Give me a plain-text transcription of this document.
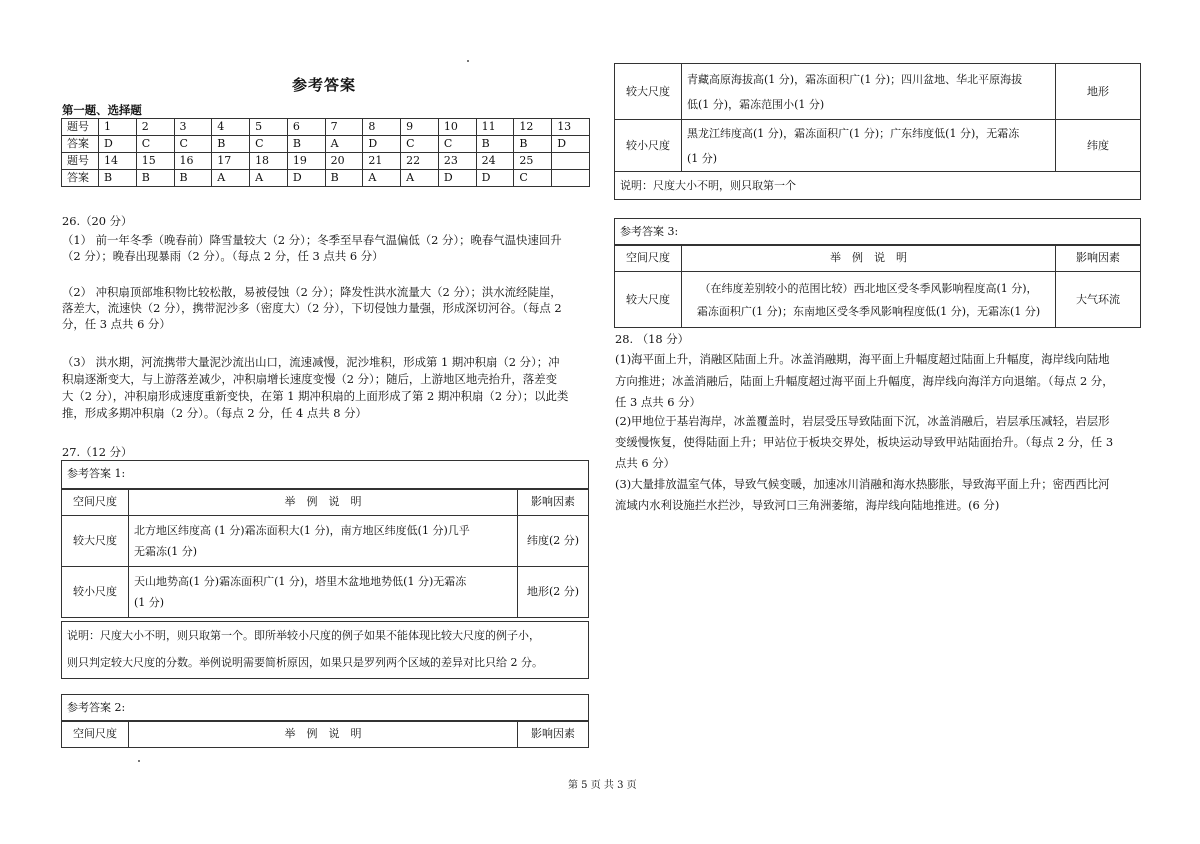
参考答案
第一题、选择题
题号	1	2	3	4	5	6	7	8	9	10	11	12	13
答案	D	C	C	B	C	B	A	D	C	C	B	B	D
题号	14	15	16	17	18	19	20	21	22	23	24	25	
答案	B	B	B	A	A	D	B	A	A	D	D	C	
26.（20 分）
（1） 前一年冬季（晚春前）降雪量较大（2 分）；冬季至早春气温偏低（2 分）；晚春气温快速回升
（2 分）；晚春出现暴雨（2 分）。（每点 2 分，任 3 点共 6 分）
（2） 冲积扇顶部堆积物比较松散，易被侵蚀（2 分）；降发性洪水流量大（2 分）；洪水流经陡崖，
落差大，流速快（2 分），携带泥沙多（密度大）（2 分），下切侵蚀力量强，形成深切河谷。（每点 2
分，任 3 点共 6 分）
（3） 洪水期，河流携带大量泥沙流出山口，流速减慢，泥沙堆积，形成第 1 期冲积扇（2 分）；冲
积扇逐渐变大，与上游落差减少，冲积扇增长速度变慢（2 分）；随后，上游地区地壳抬升，落差变
大（2 分），冲积扇形成速度重新变快，在第 1 期冲积扇的上面形成了第 2 期冲积扇（2 分）；以此类
推，形成多期冲积扇（2 分）。（每点 2 分，任 4 点共 8 分）
27.（12 分）
参考答案 1:
空间尺度	举　例　说　明	影响因素
较大尺度	北方地区纬度高 (1 分)霜冻面积大(1 分)，南方地区纬度低(1 分)几乎
无霜冻(1 分)	纬度(2 分)
较小尺度	天山地势高(1 分)霜冻面积广(1 分)，塔里木盆地地势低(1 分)无霜冻
(1 分)	地形(2 分)
说明：尺度大小不明，则只取第一个。即所举较小尺度的例子如果不能体现比较大尺度的例子小，
则只判定较大尺度的分数。举例说明需要简析原因，如果只是罗列两个区域的差异对比只给 2 分。
参考答案 2:
空间尺度	举　例　说　明	影响因素
较大尺度	青藏高原海拔高(1 分)，霜冻面积广(1 分)；四川盆地、华北平原海拔
低(1 分)，霜冻范围小(1 分)	地形
较小尺度	黑龙江纬度高(1 分)，霜冻面积广(1 分)；广东纬度低(1 分)，无霜冻
(1 分)	纬度
说明：尺度大小不明，则只取第一个		
参考答案 3:
空间尺度	举　例　说　明	影响因素
较大尺度	（在纬度差别较小的范围比较）西北地区受冬季风影响程度高(1 分)，
霜冻面积广(1 分)；东南地区受冬季风影响程度低(1 分)，无霜冻(1 分)	大气环流
28. （18 分）
(1)海平面上升，消融区陆面上升。冰盖消融期，海平面上升幅度超过陆面上升幅度，海岸线向陆地
方向推进；冰盖消融后，陆面上升幅度超过海平面上升幅度，海岸线向海洋方向退缩。（每点 2 分，
任 3 点共 6 分）
(2)甲地位于基岩海岸，冰盖覆盖时，岩层受压导致陆面下沉，冰盖消融后，岩层承压减轻，岩层形
变缓慢恢复，使得陆面上升；甲站位于板块交界处，板块运动导致甲站陆面抬升。（每点 2 分，任 3
点共 6 分）
(3)大量排放温室气体，导致气候变暖，加速冰川消融和海水热膨胀，导致海平面上升；密西西比河
流域内水利设施拦水拦沙，导致河口三角洲萎缩，海岸线向陆地推进。(6 分)
第 5 页 共 3 页
